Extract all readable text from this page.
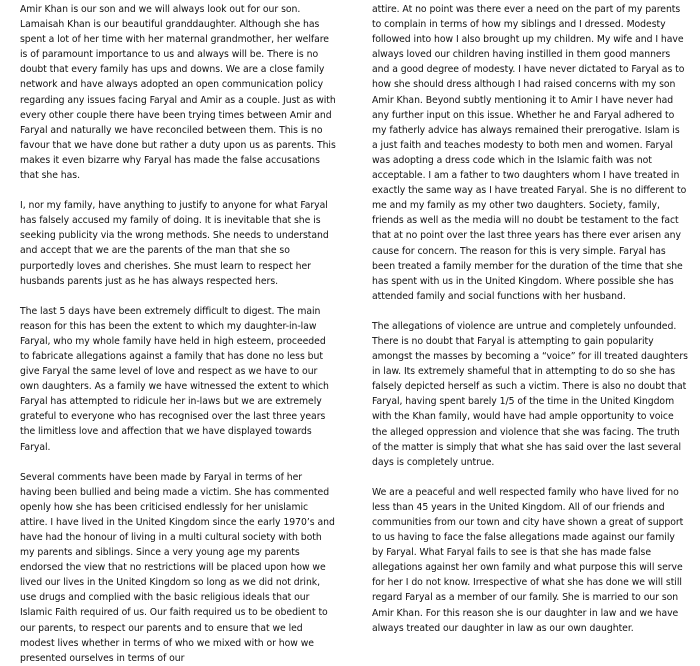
Amir Khan is our son and we will always look out for our son. Lamaisah Khan is our beautiful granddaughter. Although she has spent a lot of her time with her maternal grandmother, her welfare is of paramount importance to us and always will be. There is no doubt that every family has ups and downs. We are a close family network and have always adopted an open communication policy regarding any issues facing Faryal and Amir as a couple. Just as with every other couple there have been trying times between Amir and Faryal and naturally we have reconciled between them. This is no favour that we have done but rather a duty upon us as parents. This makes it even bizarre why Faryal has made the false accusations that she has.

I, nor my family, have anything to justify to anyone for what Faryal has falsely accused my family of doing. It is inevitable that she is seeking publicity via the wrong methods. She needs to understand and accept that we are the parents of the man that she so purportedly loves and cherishes. She must learn to respect her husbands parents just as he has always respected hers.

The last 5 days have been extremely difficult to digest. The main reason for this has been the extent to which my daughter-in-law Faryal, who my whole family have held in high esteem, proceeded to fabricate allegations against a family that has done no less but give Faryal the same level of love and respect as we have to our own daughters. As a family we have witnessed the extent to which Faryal has attempted to ridicule her in-laws but we are extremely grateful to everyone who has recognised over the last three years the limitless love and affection that we have displayed towards Faryal.

Several comments have been made by Faryal in terms of her having been bullied and being made a victim. She has commented openly how she has been criticised endlessly for her unislamic attire. I have lived in the United Kingdom since the early 1970’s and have had the honour of living in a multi cultural society with both my parents and siblings. Since a very young age my parents endorsed the view that no restrictions will be placed upon how we lived our lives in the United Kingdom so long as we did not drink, use drugs and complied with the basic religious ideals that our Islamic Faith required of us. Our faith required us to be obedient to our parents, to respect our parents and to ensure that we led modest lives whether in terms of who we mixed with or how we presented ourselves in terms of our

attire. At no point was there ever a need on the part of my parents to complain in terms of how my siblings and I dressed. Modesty followed into how I also brought up my children. My wife and I have always loved our children having instilled in them good manners and a good degree of modesty. I have never dictated to Faryal as to how she should dress although I had raised concerns with my son Amir Khan. Beyond subtly mentioning it to Amir I have never had any further input on this issue. Whether he and Faryal adhered to my fatherly advice has always remained their prerogative. Islam is a just faith and teaches modesty to both men and women. Faryal was adopting a dress code which in the Islamic faith was not acceptable. I am a father to two daughters whom I have treated in exactly the same way as I have treated Faryal. She is no different to me and my family as my other two daughters. Society, family, friends as well as the media will no doubt be testament to the fact that at no point over the last three years has there ever arisen any cause for concern. The reason for this is very simple. Faryal has been treated a family member for the duration of the time that she has spent with us in the United Kingdom. Where possible she has attended family and social functions with her husband.

The allegations of violence are untrue and completely unfounded. There is no doubt that Faryal is attempting to gain popularity amongst the masses by becoming a “voice” for ill treated daughters in law. Its extremely shameful that in attempting to do so she has falsely depicted herself as such a victim. There is also no doubt that Faryal, having spent barely 1/5 of the time in the United Kingdom with the Khan family, would have had ample opportunity to voice the alleged oppression and violence that she was facing. The truth of the matter is simply that what she has said over the last several days is completely untrue.

We are a peaceful and well respected family who have lived for no less than 45 years in the United Kingdom. All of our friends and communities from our town and city have shown a great of support to us having to face the false allegations made against our family by Faryal. What Faryal fails to see is that she has made false allegations against her own family and what purpose this will serve for her I do not know. Irrespective of what she has done we will still regard Faryal as a member of our family. She is married to our son Amir Khan. For this reason she is our daughter in law and we have always treated our daughter in law as our own daughter.
